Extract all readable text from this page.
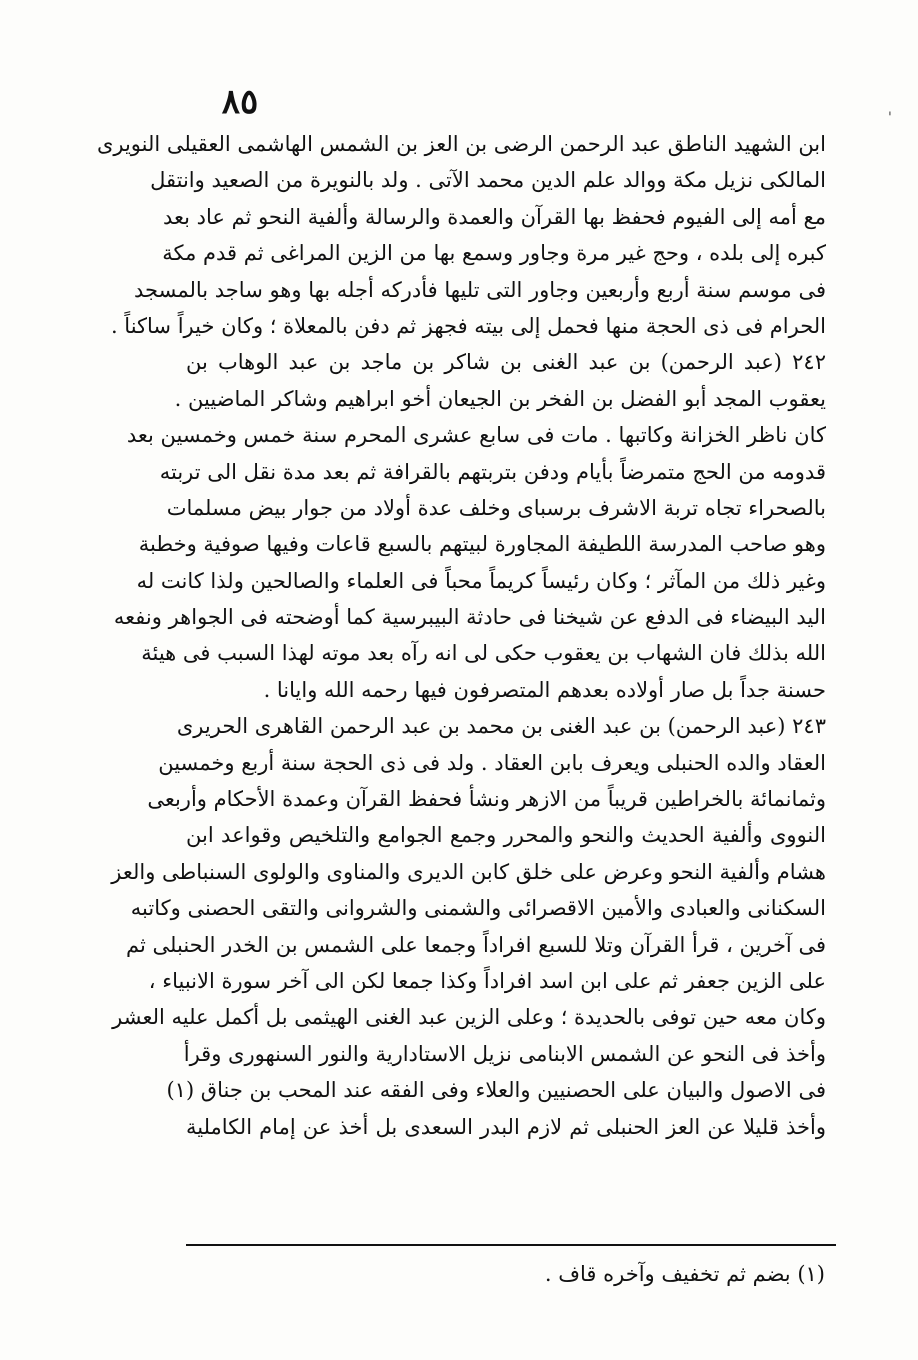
'
٨٥
ابن الشهيد الناطق عبد الرحمن الرضى بن العز بن الشمس الهاشمى العقيلى النويرى
المالكى نزيل مكة ووالد علم الدين محمد الآتى . ولد بالنويرة من الصعيد وانتقل
مع أمه إلى الفيوم فحفظ بها القرآن والعمدة والرسالة وألفية النحو ثم عاد بعد
كبره إلى بلده ، وحج غير مرة وجاور وسمع بها من الزين المراغى ثم قدم مكة
فى موسم سنة أربع وأربعين وجاور التى تليها فأدركه أجله بها وهو ساجد بالمسجد
الحرام فى ذى الحجة منها فحمل إلى بيته فجهز ثم دفن بالمعلاة ؛ وكان خيراً ساكناً .
٢٤٢ (عبد الرحمن) بن عبد الغنى بن شاكر بن ماجد بن عبد الوهاب بن
يعقوب المجد أبو الفضل بن الفخر بن الجيعان أخو ابراهيم وشاكر الماضيين .
كان ناظر الخزانة وكاتبها . مات فى سابع عشرى المحرم سنة خمس وخمسين بعد
قدومه من الحج متمرضاً بأيام ودفن بتربتهم بالقرافة ثم بعد مدة نقل الى تربته
بالصحراء تجاه تربة الاشرف برسباى وخلف عدة أولاد من جوار بيض مسلمات
وهو صاحب المدرسة اللطيفة المجاورة لبيتهم بالسبع قاعات وفيها صوفية وخطبة
وغير ذلك من المآثر ؛ وكان رئيساً كريماً محباً فى العلماء والصالحين ولذا كانت له
اليد البيضاء فى الدفع عن شيخنا فى حادثة البيبرسية كما أوضحته فى الجواهر ونفعه
الله بذلك فان الشهاب بن يعقوب حكى لى انه رآه بعد موته لهذا السبب فى هيئة
حسنة جداً بل صار أولاده بعدهم المتصرفون فيها رحمه الله وايانا .
٢٤٣ (عبد الرحمن) بن عبد الغنى بن محمد بن عبد الرحمن القاهرى الحريرى
العقاد والده الحنبلى ويعرف بابن العقاد . ولد فى ذى الحجة سنة أربع وخمسين
وثمانمائة بالخراطين قريباً من الازهر ونشأ فحفظ القرآن وعمدة الأحكام وأربعى
النووى وألفية الحديث والنحو والمحرر وجمع الجوامع والتلخيص وقواعد ابن
هشام وألفية النحو وعرض على خلق كابن الديرى والمناوى والولوى السنباطى والعز
السكنانى والعبادى والأمين الاقصرائى والشمنى والشروانى والتقى الحصنى وكاتبه
فى آخرين ، قرأ القرآن وتلا للسبع افراداً وجمعا على الشمس بن الخدر الحنبلى ثم
على الزين جعفر ثم على ابن اسد افراداً وكذا جمعا لكن الى آخر سورة الانبياء ،
وكان معه حين توفى بالحديدة ؛ وعلى الزين عبد الغنى الهيثمى بل أكمل عليه العشر
وأخذ فى النحو عن الشمس الابنامى نزيل الاستادارية والنور السنهورى وقرأ
فى الاصول والبيان على الحصنيين والعلاء وفى الفقه عند المحب بن جناق (١)
وأخذ قليلا عن العز الحنبلى ثم لازم البدر السعدى بل أخذ عن إمام الكاملية
(١) بضم ثم تخفيف وآخره قاف .
